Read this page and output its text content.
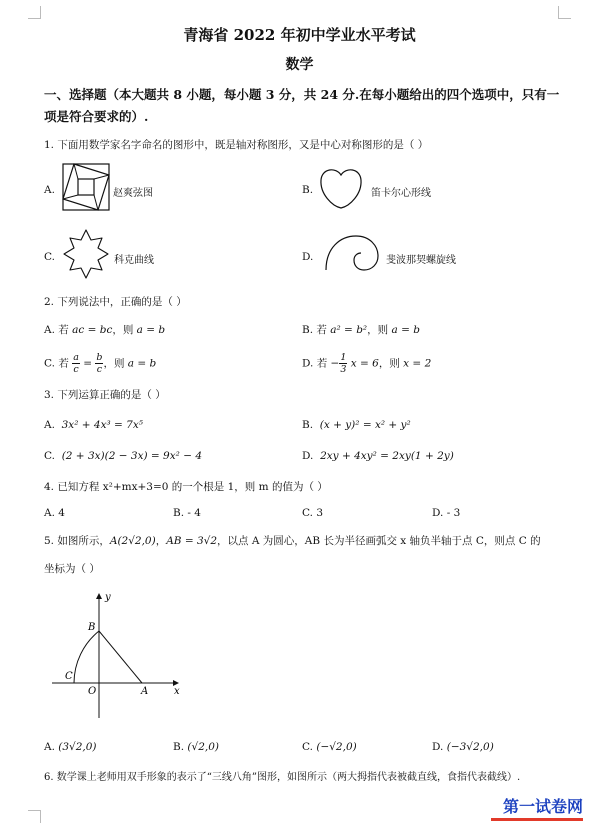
青海省 2022 年初中学业水平考试
数学
一、选择题（本大题共 8 小题，每小题 3 分，共 24 分.在每小题给出的四个选项中，只有一
项是符合要求的）.
1. 下面用数学家名字命名的图形中，既是轴对称图形，又是中心对称图形的是（ ）
A.	赵爽弦图	B.	笛卡尔心形线
C.	科克曲线	D.	斐波那契螺旋线
2. 下列说法中，正确的是（ ）
A. 若 ac = bc，则 a = b	B. 若 a² = b²，则 a = b
C. 若 $\frac{a}{c} = \frac{b}{c}$ ，则 a = b	D. 若 − $\frac{1}{3}$ x = 6，则 x = 2
3. 下列运算正确的是（ ）
A. 3x² + 4x³ = 7x⁵	B. (x + y)² = x² + y²
C. (2 + 3x)(2 − 3x) = 9x² − 4	D. 2xy + 4xy² = 2xy(1 + 2y)
4. 已知方程 x²+mx+3=0 的一个根是 1，则 m 的值为（ ）
A. 4	B. - 4	C. 3	D. - 3
5. 如图所示，A(2√2,0)，AB = 3√2，以点 A 为圆心，AB 长为半径画弧交 x 轴负半轴于点 C，则点 C 的
坐标为（ ）
y
x
B
C
O	A
A. (3√2,0)	B. (√2,0)	C. (−√2,0)	D. (−3√2,0)
6. 数学课上老师用双手形象的表示了“三线八角”图形，如图所示（两大拇指代表被截直线，食指代表截线）.
第一试卷网
